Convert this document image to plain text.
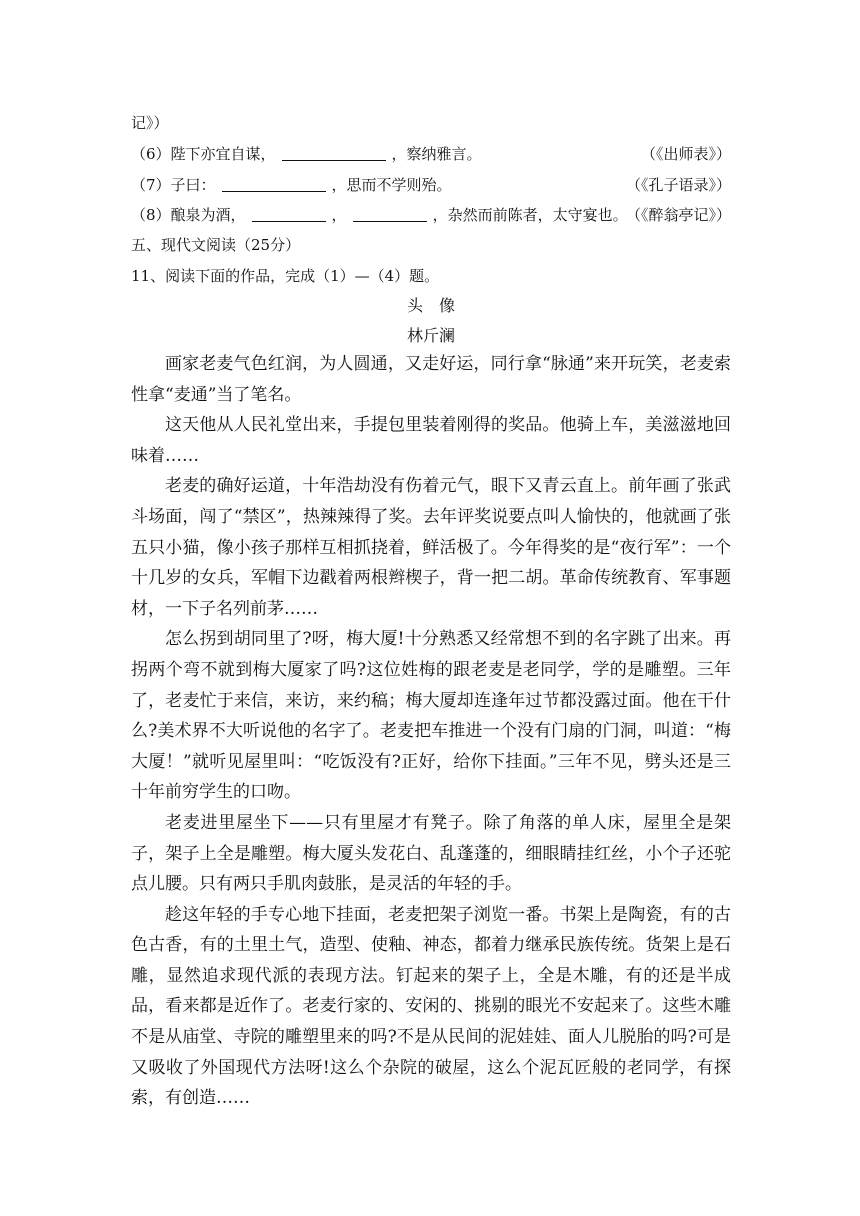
记》）
（6）陛下亦宜自谋，	，察纳雅言。	（《出师表》）
（7）子曰：	，思而不学则殆。	（《孔子语录》）
（8）酿泉为酒，	，	，杂然而前陈者，太守宴也。
（《醉翁亭记》）
五、现代文阅读（25分）
11、阅读下面的作品，完成（1）—（4）题。
头　像
林斤澜

画家老麦气色红润，为人圆通，又走好运，同行拿“脉通”来开玩笑，老麦索性拿“麦通”当了笔名。

这天他从人民礼堂出来，手提包里装着刚得的奖品。他骑上车，美滋滋地回味着……

老麦的确好运道，十年浩劫没有伤着元气，眼下又青云直上。前年画了张武斗场面，闯了“禁区”，热辣辣得了奖。去年评奖说要点叫人愉快的，他就画了张五只小猫，像小孩子那样互相抓挠着，鲜活极了。今年得奖的是“夜行军”：一个十几岁的女兵，军帽下边戳着两根辫楔子，背一把二胡。革命传统教育、军事题材，一下子名列前茅……

怎么拐到胡同里了?呀，梅大厦!十分熟悉又经常想不到的名字跳了出来。再拐两个弯不就到梅大厦家了吗?这位姓梅的跟老麦是老同学，学的是雕塑。三年了，老麦忙于来信，来访，来约稿；梅大厦却连逢年过节都没露过面。他在干什么?美术界不大听说他的名字了。老麦把车推进一个没有门扇的门洞，叫道：“梅大厦！”就听见屋里叫：“吃饭没有?正好，给你下挂面。”三年不见，劈头还是三十年前穷学生的口吻。

老麦进里屋坐下——只有里屋才有凳子。除了角落的单人床，屋里全是架子，架子上全是雕塑。梅大厦头发花白、乱蓬蓬的，细眼睛挂红丝，小个子还驼点儿腰。只有两只手肌肉鼓胀，是灵活的年轻的手。

趁这年轻的手专心地下挂面，老麦把架子浏览一番。书架上是陶瓷，有的古色古香，有的土里土气，造型、使釉、神态，都着力继承民族传统。货架上是石雕，显然追求现代派的表现方法。钉起来的架子上，全是木雕，有的还是半成品，看来都是近作了。老麦行家的、安闲的、挑剔的眼光不安起来了。这些木雕不是从庙堂、寺院的雕塑里来的吗?不是从民间的泥娃娃、面人儿脱胎的吗?可是又吸收了外国现代方法呀!这么个杂院的破屋，这么个泥瓦匠般的老同学，有探索，有创造……
